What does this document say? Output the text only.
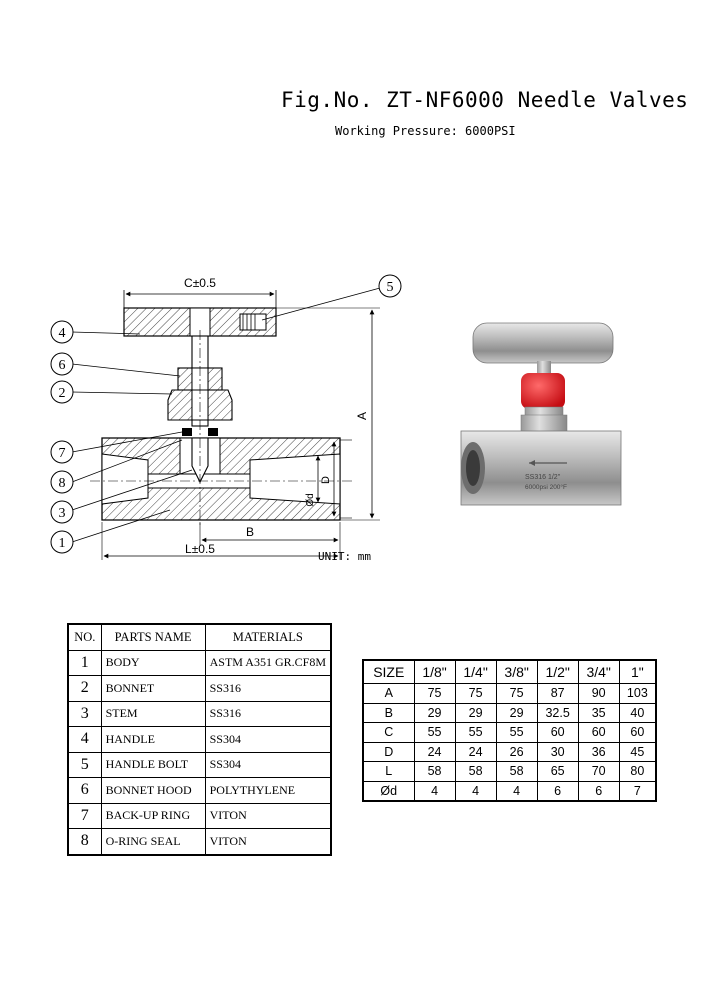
Fig.No. ZT-NF6000 Needle Valves
Working Pressure: 6000PSI
C±0.5
A
D
Ød
B
L±0.5
4
6
2
7
8
3
1
5
UNIT: mm
SS316 1/2"
6000psi 200°F
NO.	PARTS NAME	MATERIALS
1	BODY	ASTM A351 GR.CF8M
2	BONNET	SS316
3	STEM	SS316
4	HANDLE	SS304
5	HANDLE BOLT	SS304
6	BONNET HOOD	POLYTHYLENE
7	BACK-UP RING	VITON
8	O-RING SEAL	VITON
SIZE	1/8"	1/4"	3/8"	1/2"	3/4"	1"
A	75	75	75	87	90	103
B	29	29	29	32.5	35	40
C	55	55	55	60	60	60
D	24	24	26	30	36	45
L	58	58	58	65	70	80
Ød	4	4	4	6	6	7
